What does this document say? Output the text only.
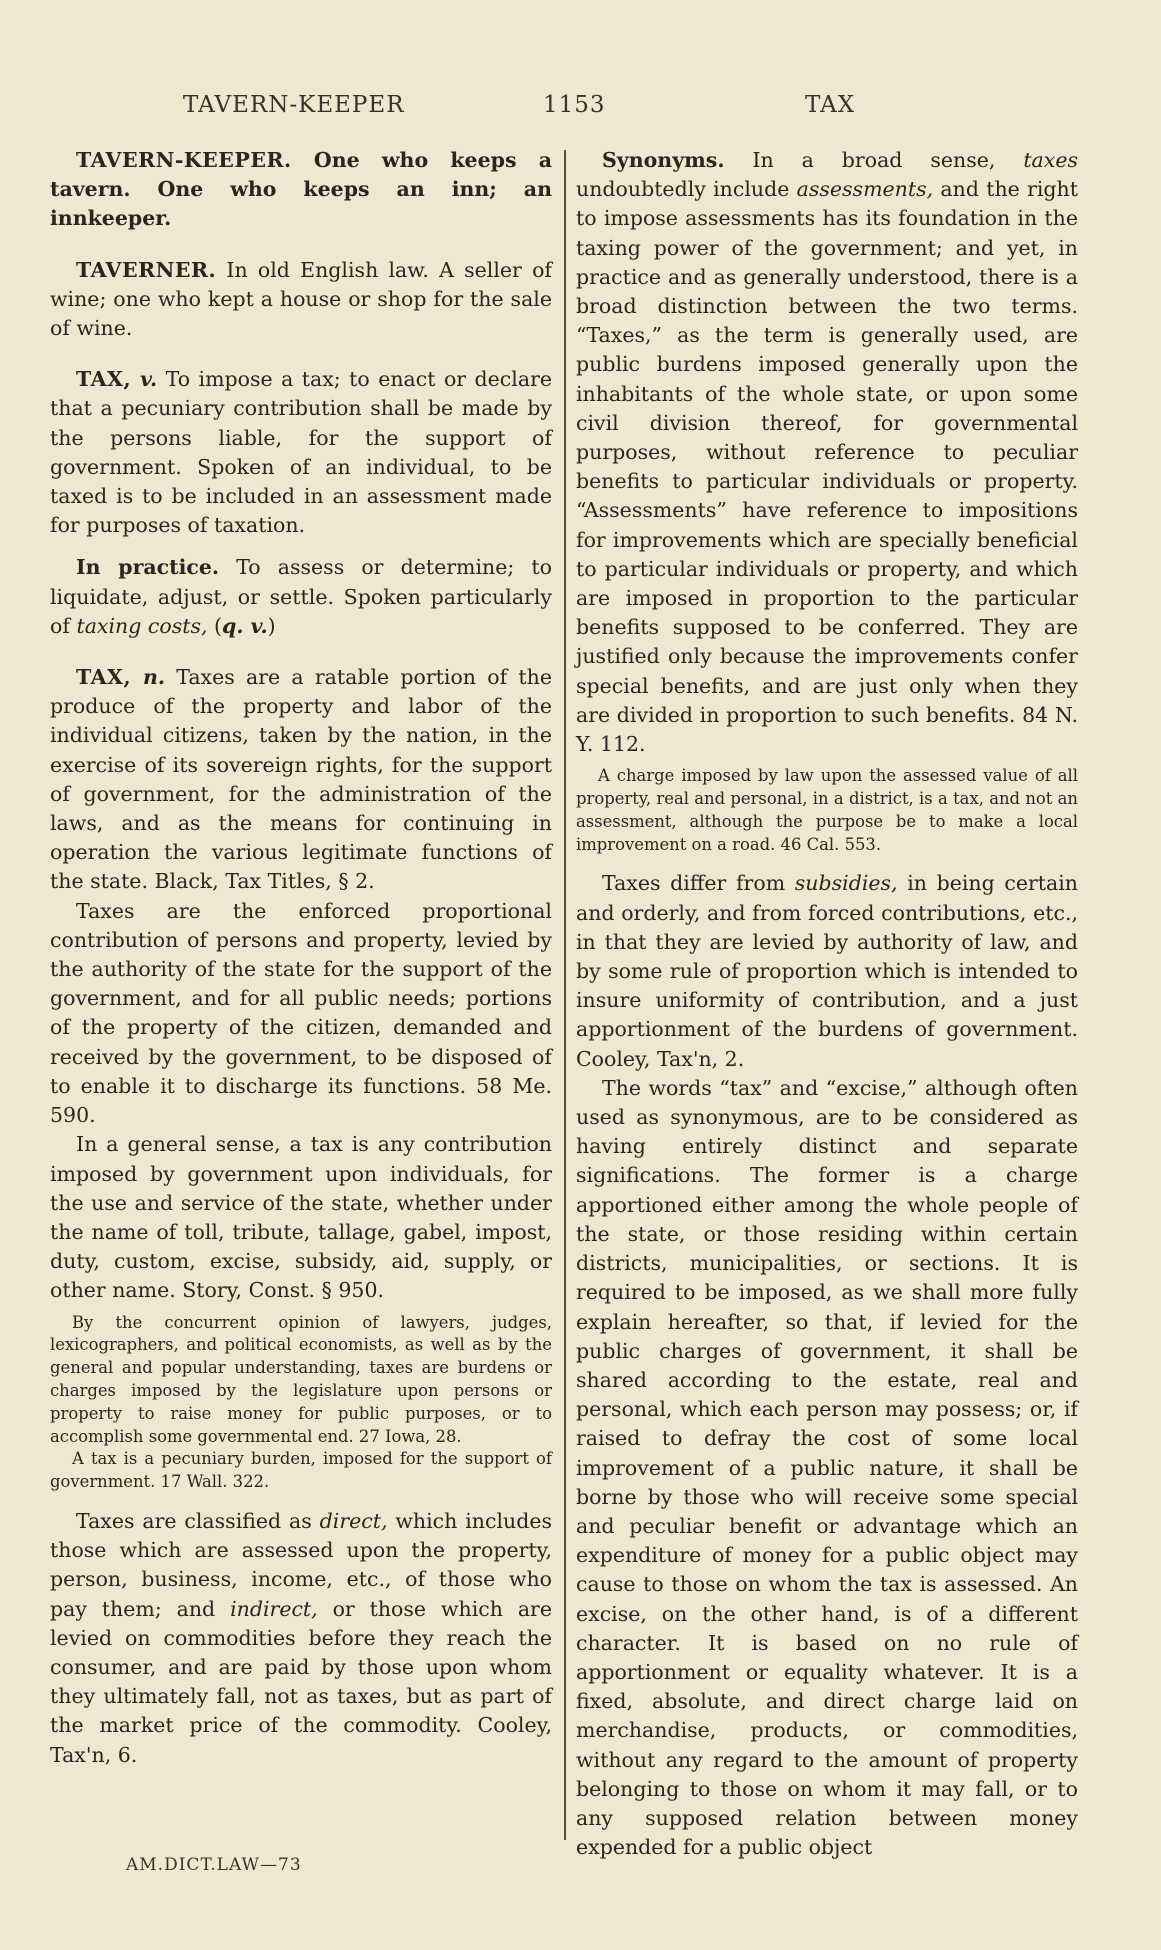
TAVERN-KEEPER	1153	TAX

TAVERN-KEEPER. One who keeps a tavern. One who keeps an inn; an innkeeper.

TAVERNER. In old English law. A seller of wine; one who kept a house or shop for the sale of wine.

TAX, v. To impose a tax; to enact or declare that a pecuniary contribution shall be made by the persons liable, for the support of government. Spoken of an individual, to be taxed is to be included in an assessment made for purposes of taxation.

In practice. To assess or determine; to liquidate, adjust, or settle. Spoken particularly of taxing costs, (q. v.)

TAX, n. Taxes are a ratable portion of the produce of the property and labor of the individual citizens, taken by the nation, in the exercise of its sovereign rights, for the support of government, for the administration of the laws, and as the means for continuing in operation the various legitimate functions of the state. Black, Tax Titles, § 2.

Taxes are the enforced proportional contribution of persons and property, levied by the authority of the state for the support of the government, and for all public needs; portions of the property of the citizen, demanded and received by the government, to be disposed of to enable it to discharge its functions. 58 Me. 590.

In a general sense, a tax is any contribution imposed by government upon individuals, for the use and service of the state, whether under the name of toll, tribute, tallage, gabel, impost, duty, custom, excise, subsidy, aid, supply, or other name. Story, Const. § 950.

By the concurrent opinion of lawyers, judges, lexicographers, and political economists, as well as by the general and popular understanding, taxes are burdens or charges imposed by the legislature upon persons or property to raise money for public purposes, or to accomplish some governmental end. 27 Iowa, 28.

A tax is a pecuniary burden, imposed for the support of government. 17 Wall. 322.

Taxes are classified as direct, which includes those which are assessed upon the property, person, business, income, etc., of those who pay them; and indirect, or those which are levied on commodities before they reach the consumer, and are paid by those upon whom they ultimately fall, not as taxes, but as part of the market price of the commodity. Cooley, Tax'n, 6.

Synonyms. In a broad sense, taxes undoubtedly include assessments, and the right to impose assessments has its foundation in the taxing power of the government; and yet, in practice and as generally understood, there is a broad distinction between the two terms. “Taxes,” as the term is generally used, are public burdens imposed generally upon the inhabitants of the whole state, or upon some civil division thereof, for governmental purposes, without reference to peculiar benefits to particular individuals or property. “Assessments” have reference to impositions for improvements which are specially beneficial to particular individuals or property, and which are imposed in proportion to the particular benefits supposed to be conferred. They are justified only because the improvements confer special benefits, and are just only when they are divided in proportion to such benefits. 84 N. Y. 112.

A charge imposed by law upon the assessed value of all property, real and personal, in a district, is a tax, and not an assessment, although the purpose be to make a local improvement on a road. 46 Cal. 553.

Taxes differ from subsidies, in being certain and orderly, and from forced contributions, etc., in that they are levied by authority of law, and by some rule of proportion which is intended to insure uniformity of contribution, and a just apportionment of the burdens of government. Cooley, Tax'n, 2.

The words “tax” and “excise,” although often used as synonymous, are to be considered as having entirely distinct and separate significations. The former is a charge apportioned either among the whole people of the state, or those residing within certain districts, municipalities, or sections. It is required to be imposed, as we shall more fully explain hereafter, so that, if levied for the public charges of government, it shall be shared according to the estate, real and personal, which each person may possess; or, if raised to defray the cost of some local improvement of a public nature, it shall be borne by those who will receive some special and peculiar benefit or advantage which an expenditure of money for a public object may cause to those on whom the tax is assessed. An excise, on the other hand, is of a different character. It is based on no rule of apportionment or equality whatever. It is a fixed, absolute, and direct charge laid on merchandise, products, or commodities, without any regard to the amount of property belonging to those on whom it may fall, or to any supposed relation between money expended for a public object

AM.DICT.LAW—73
